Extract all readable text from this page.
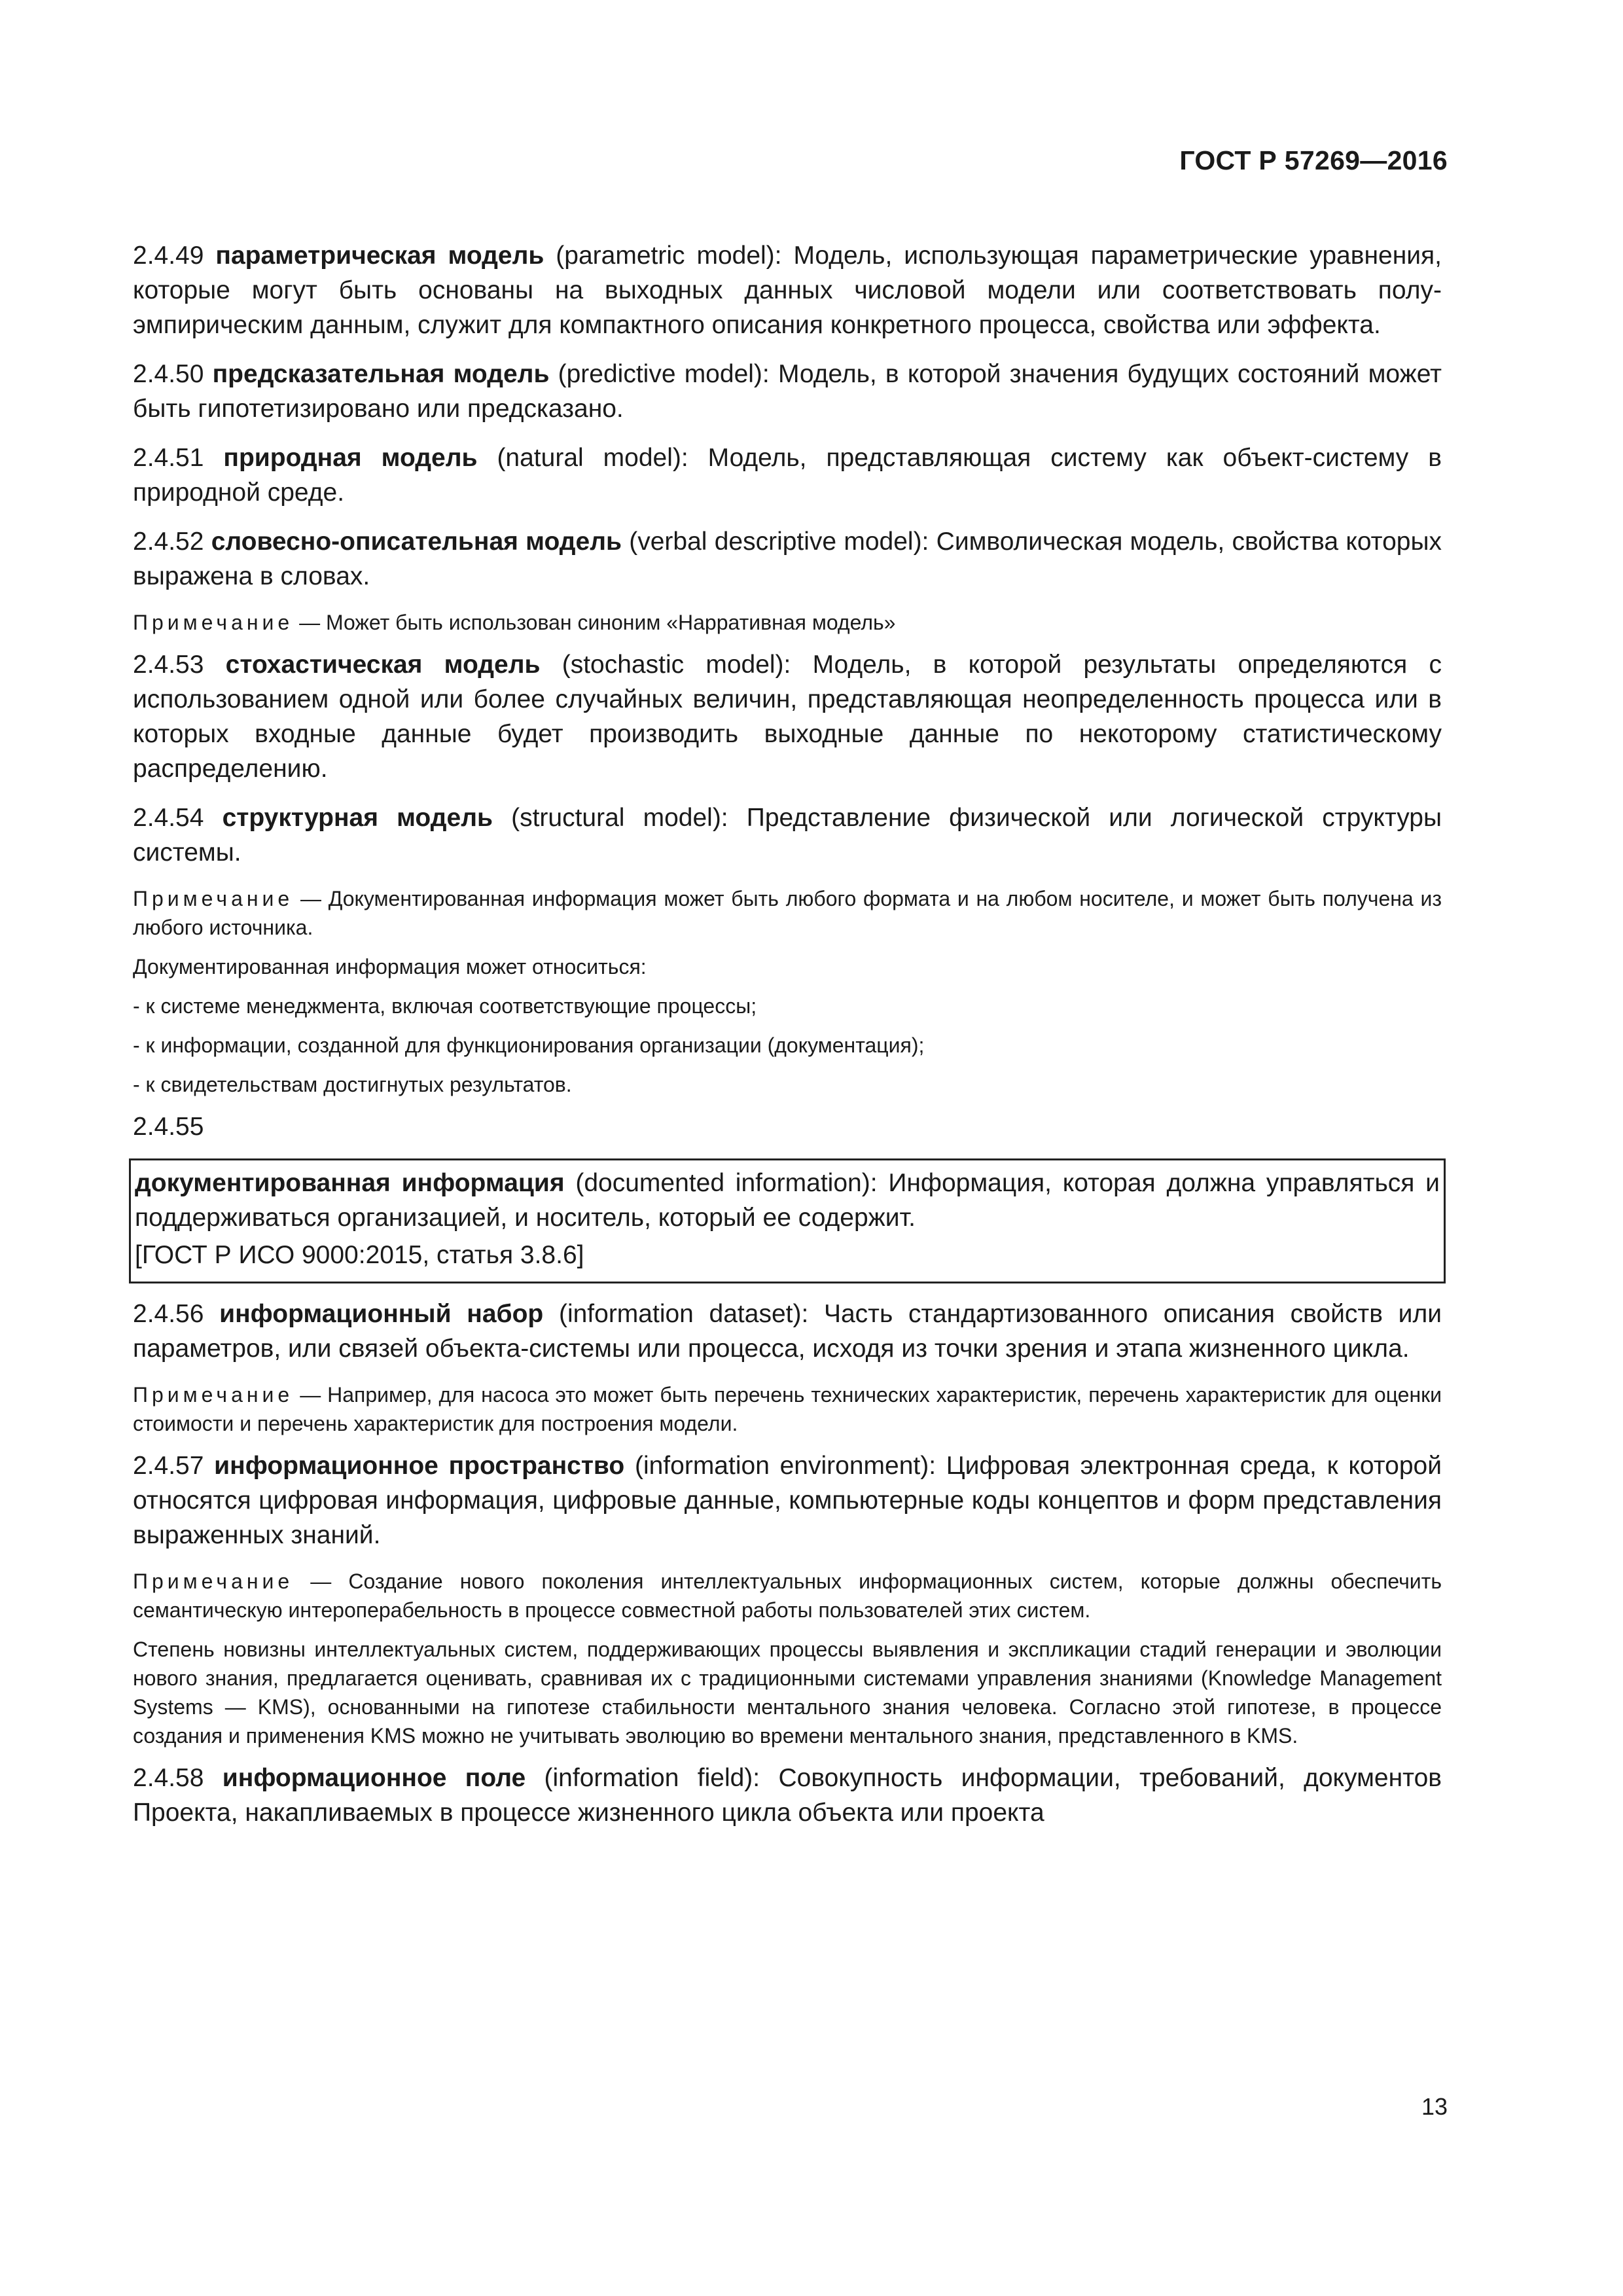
ГОСТ Р 57269—2016

2.4.49 параметрическая модель (parametric model): Модель, использующая параметрические уравнения, которые могут быть основаны на выходных данных числовой модели или соответствовать полу-эмпирическим данным, служит для компактного описания конкретного процесса, свойства или эффекта.

2.4.50 предсказательная модель (predictive model): Модель, в которой значения будущих состояний может быть гипотетизировано или предсказано.

2.4.51 природная модель (natural model): Модель, представляющая систему как объект-систему в природной среде.

2.4.52 словесно-описательная модель (verbal descriptive model): Символическая модель, свойства которых выражена в словах.

Примечание — Может быть использован синоним «Нарративная модель»

2.4.53 стохастическая модель (stochastic model): Модель, в которой результаты определяются с использованием одной или более случайных величин, представляющая неопределенность процесса или в которых входные данные будет производить выходные данные по некоторому статистическому распределению.

2.4.54 структурная модель (structural model): Представление физической или логической структуры системы.

Примечание — Документированная информация может быть любого формата и на любом носителе, и может быть получена из любого источника.

Документированная информация может относиться:

- к системе менеджмента, включая соответствующие процессы;

- к информации, созданной для функционирования организации (документация);

- к свидетельствам достигнутых результатов.

2.4.55

документированная информация (documented information): Информация, которая должна управляться и поддерживаться организацией, и носитель, который ее содержит.

[ГОСТ Р ИСО 9000:2015, статья 3.8.6]

2.4.56 информационный набор (information dataset): Часть стандартизованного описания свойств или параметров, или связей объекта-системы или процесса, исходя из точки зрения и этапа жизненного цикла.

Примечание — Например, для насоса это может быть перечень технических характеристик, перечень характеристик для оценки стоимости и перечень характеристик для построения модели.

2.4.57 информационное пространство (information environment): Цифровая электронная среда, к которой относятся цифровая информация, цифровые данные, компьютерные коды концептов и форм представления выраженных знаний.

Примечание — Создание нового поколения интеллектуальных информационных систем, которые должны обеспечить семантическую интероперабельность в процессе совместной работы пользователей этих систем.

Степень новизны интеллектуальных систем, поддерживающих процессы выявления и экспликации стадий генерации и эволюции нового знания, предлагается оценивать, сравнивая их с традиционными системами управления знаниями (Knowledge Management Systems — KMS), основанными на гипотезе стабильности ментального знания человека. Согласно этой гипотезе, в процессе создания и применения KMS можно не учитывать эволюцию во времени ментального знания, представленного в KMS.

2.4.58 информационное поле (information field): Совокупность информации, требований, документов Проекта, накапливаемых в процессе жизненного цикла объекта или проекта

13
